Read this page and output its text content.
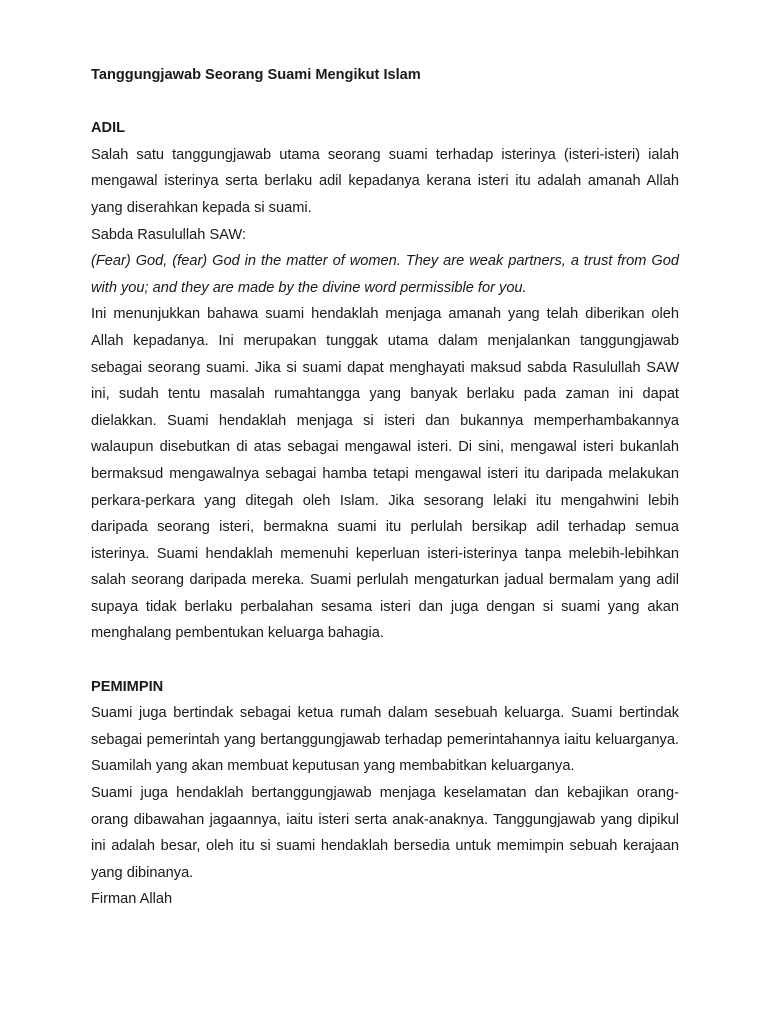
Tanggungjawab Seorang Suami Mengikut Islam
ADIL

Salah satu tanggungjawab utama seorang suami terhadap isterinya (isteri-isteri) ialah mengawal isterinya serta berlaku adil kepadanya kerana isteri itu adalah amanah Allah yang diserahkan kepada si suami.

Sabda Rasulullah SAW:

(Fear) God, (fear) God in the matter of women. They are weak partners, a trust from God with you; and they are made by the divine word permissible for you.

Ini menunjukkan bahawa suami hendaklah menjaga amanah yang telah diberikan oleh Allah kepadanya. Ini merupakan tunggak utama dalam menjalankan tanggungjawab sebagai seorang suami. Jika si suami dapat menghayati maksud sabda Rasulullah SAW ini, sudah tentu masalah rumahtangga yang banyak berlaku pada zaman ini dapat dielakkan. Suami hendaklah menjaga si isteri dan bukannya memperhambakannya walaupun disebutkan di atas sebagai mengawal isteri. Di sini, mengawal isteri bukanlah bermaksud mengawalnya sebagai hamba tetapi mengawal isteri itu daripada melakukan perkara-perkara yang ditegah oleh Islam. Jika sesorang lelaki itu mengahwini lebih daripada seorang isteri, bermakna suami itu perlulah bersikap adil terhadap semua isterinya. Suami hendaklah memenuhi keperluan isteri-isterinya tanpa melebih-lebihkan salah seorang daripada mereka. Suami perlulah mengaturkan jadual bermalam yang adil supaya tidak berlaku perbalahan sesama isteri dan juga dengan si suami yang akan menghalang pembentukan keluarga bahagia.

PEMIMPIN

Suami juga bertindak sebagai ketua rumah dalam sesebuah keluarga. Suami bertindak sebagai pemerintah yang bertanggungjawab terhadap pemerintahannya iaitu keluarganya. Suamilah yang akan membuat keputusan yang membabitkan keluarganya.

Suami juga hendaklah bertanggungjawab menjaga keselamatan dan kebajikan orang-orang dibawahan jagaannya, iaitu isteri serta anak-anaknya. Tanggungjawab yang dipikul ini adalah besar, oleh itu si suami hendaklah bersedia untuk memimpin sebuah kerajaan yang dibinanya.

Firman Allah
